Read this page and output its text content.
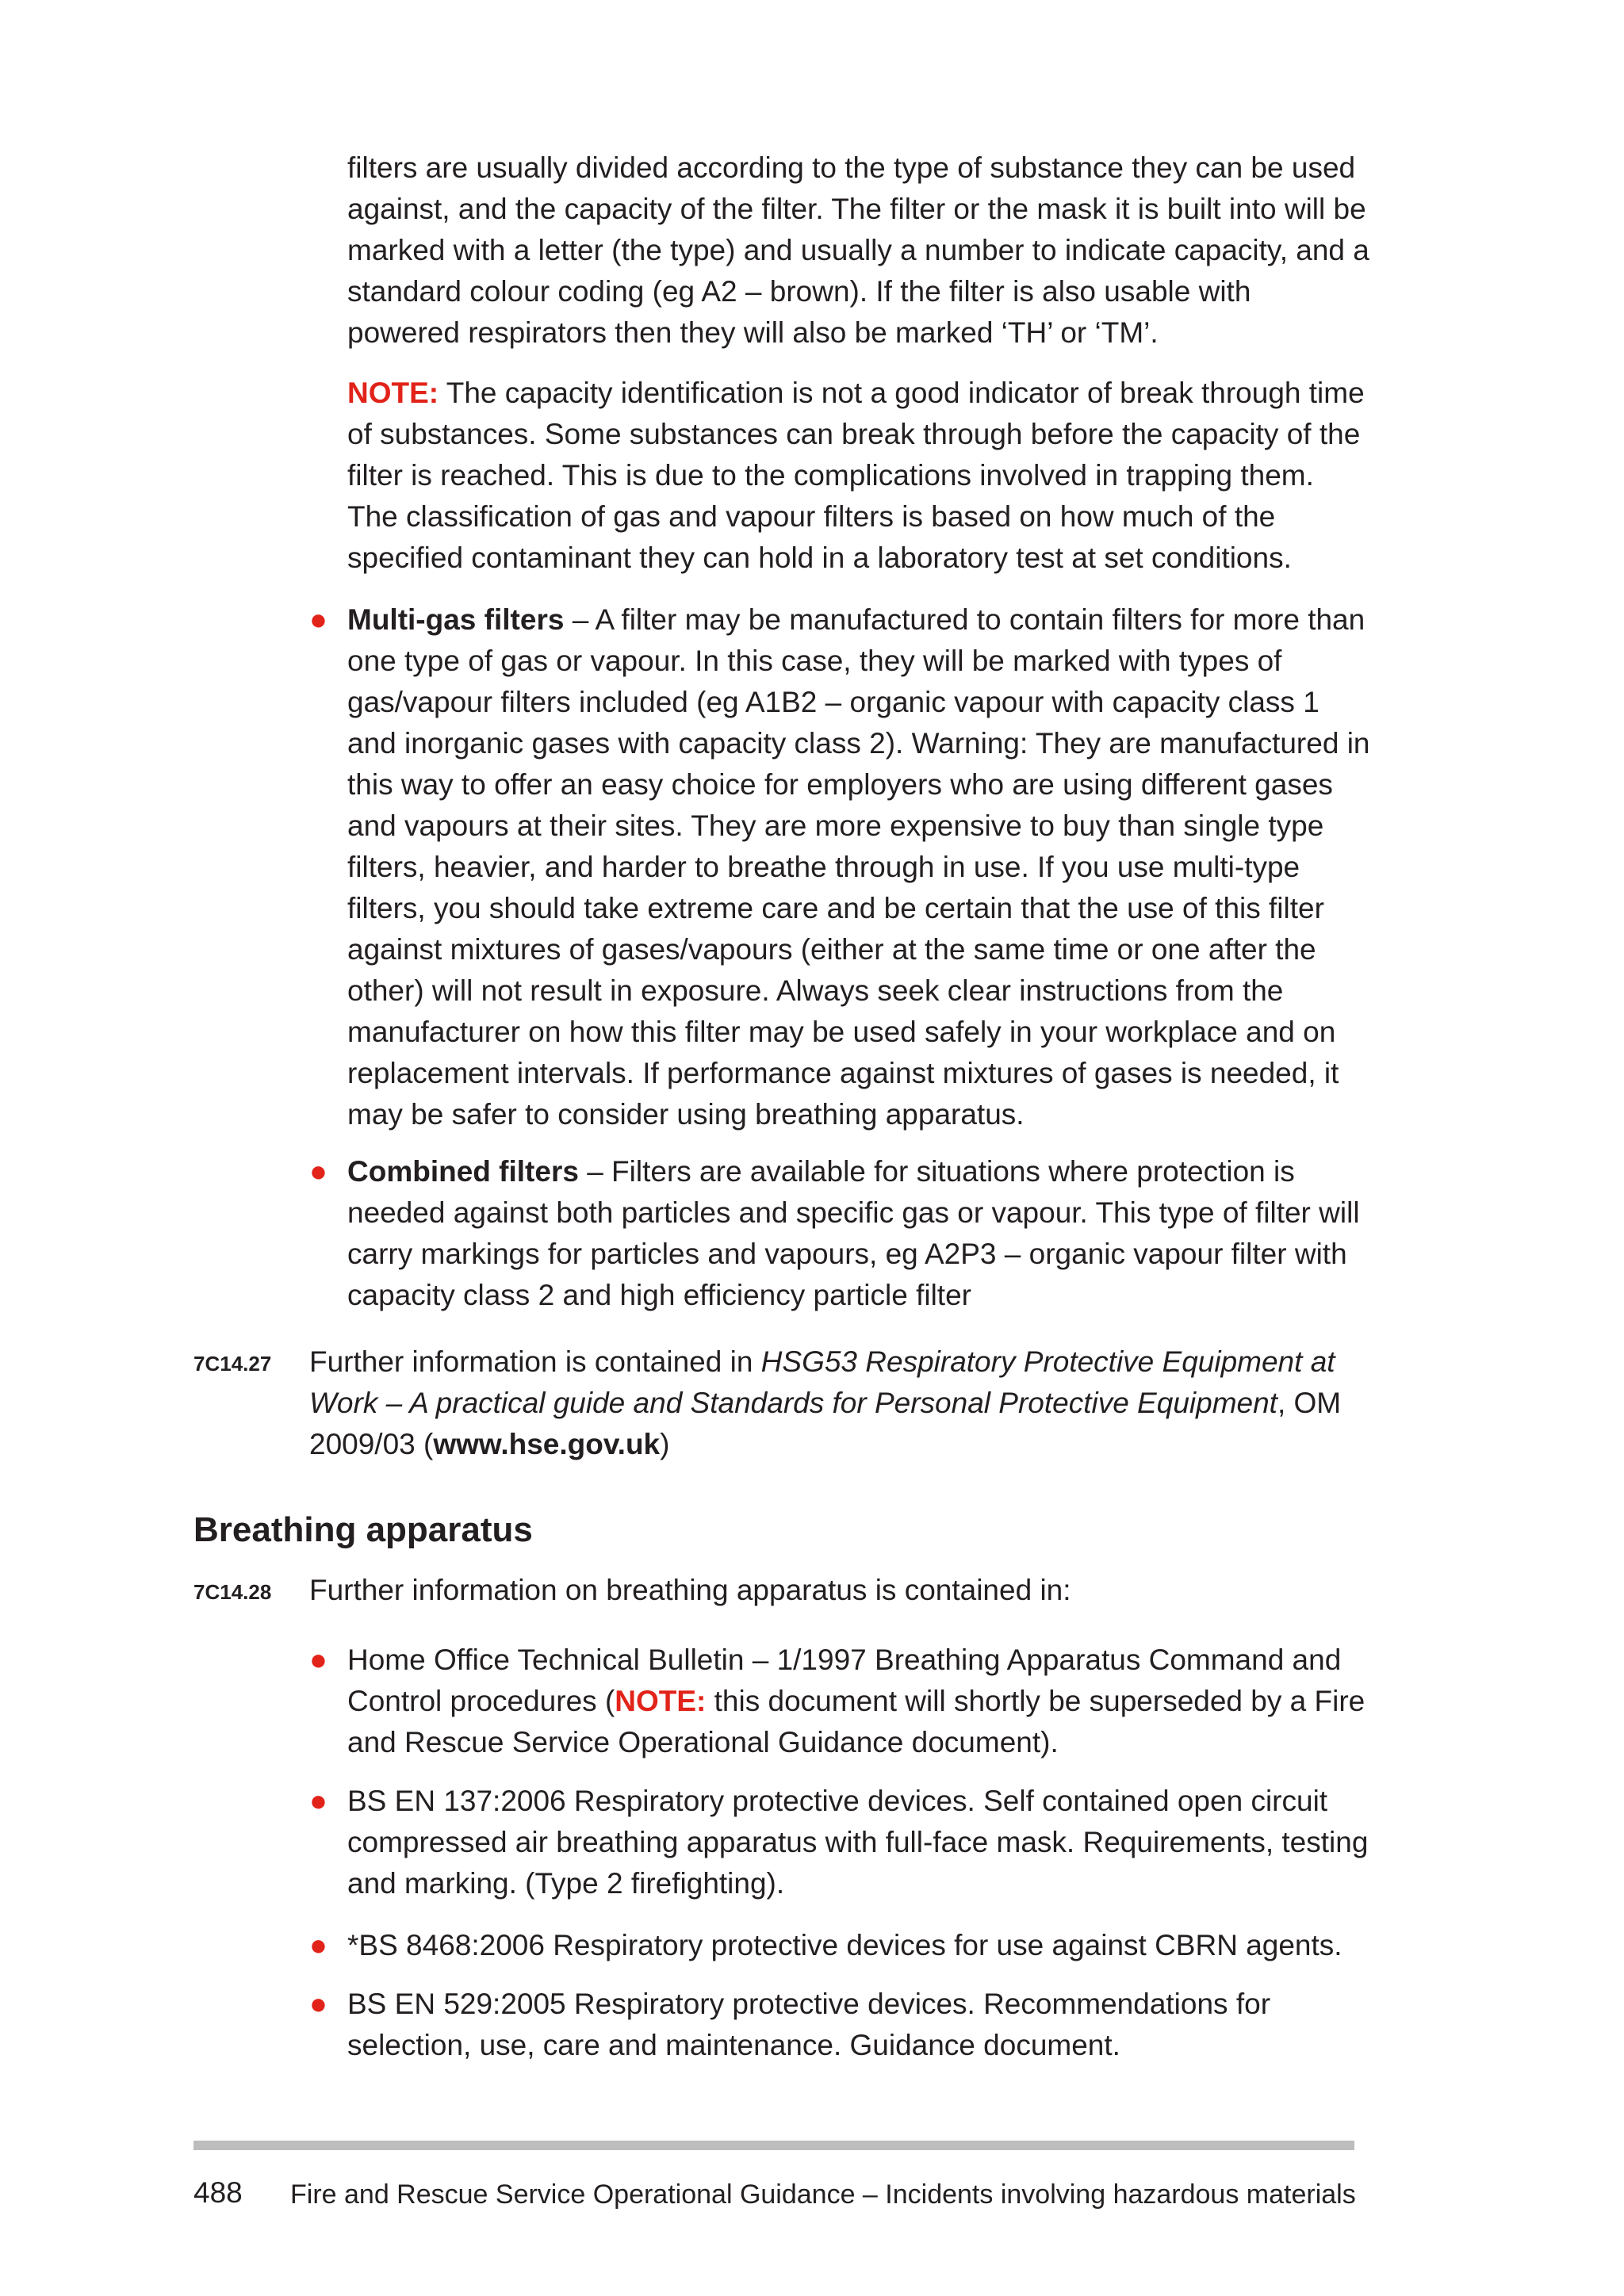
filters are usually divided according to the type of substance they can be used against, and the capacity of the filter. The filter or the mask it is built into will be marked with a letter (the type) and usually a number to indicate capacity, and a standard colour coding (eg A2 – brown). If the filter is also usable with powered respirators then they will also be marked ‘TH’ or ‘TM’.

NOTE: The capacity identification is not a good indicator of break through time of substances. Some substances can break through before the capacity of the filter is reached. This is due to the complications involved in trapping them. The classification of gas and vapour filters is based on how much of the specified contaminant they can hold in a laboratory test at set conditions.

● Multi-gas filters – A filter may be manufactured to contain filters for more than one type of gas or vapour. In this case, they will be marked with types of gas/vapour filters included (eg A1B2 – organic vapour with capacity class 1 and inorganic gases with capacity class 2). Warning: They are manufactured in this way to offer an easy choice for employers who are using different gases and vapours at their sites. They are more expensive to buy than single type filters, heavier, and harder to breathe through in use. If you use multi-type filters, you should take extreme care and be certain that the use of this filter against mixtures of gases/vapours (either at the same time or one after the other) will not result in exposure. Always seek clear instructions from the manufacturer on how this filter may be used safely in your workplace and on replacement intervals. If performance against mixtures of gases is needed, it may be safer to consider using breathing apparatus.

● Combined filters – Filters are available for situations where protection is needed against both particles and specific gas or vapour. This type of filter will carry markings for particles and vapours, eg A2P3 – organic vapour filter with capacity class 2 and high efficiency particle filter

7C14.27 Further information is contained in HSG53 Respiratory Protective Equipment at Work – A practical guide and Standards for Personal Protective Equipment, OM 2009/03 (www.hse.gov.uk)

Breathing apparatus
7C14.28 Further information on breathing apparatus is contained in:

● Home Office Technical Bulletin – 1/1997 Breathing Apparatus Command and Control procedures (NOTE: this document will shortly be superseded by a Fire and Rescue Service Operational Guidance document).

● BS EN 137:2006 Respiratory protective devices. Self contained open circuit compressed air breathing apparatus with full-face mask. Requirements, testing and marking. (Type 2 firefighting).

● *BS 8468:2006 Respiratory protective devices for use against CBRN agents.

● BS EN 529:2005 Respiratory protective devices. Recommendations for selection, use, care and maintenance. Guidance document.

488 Fire and Rescue Service Operational Guidance – Incidents involving hazardous materials
